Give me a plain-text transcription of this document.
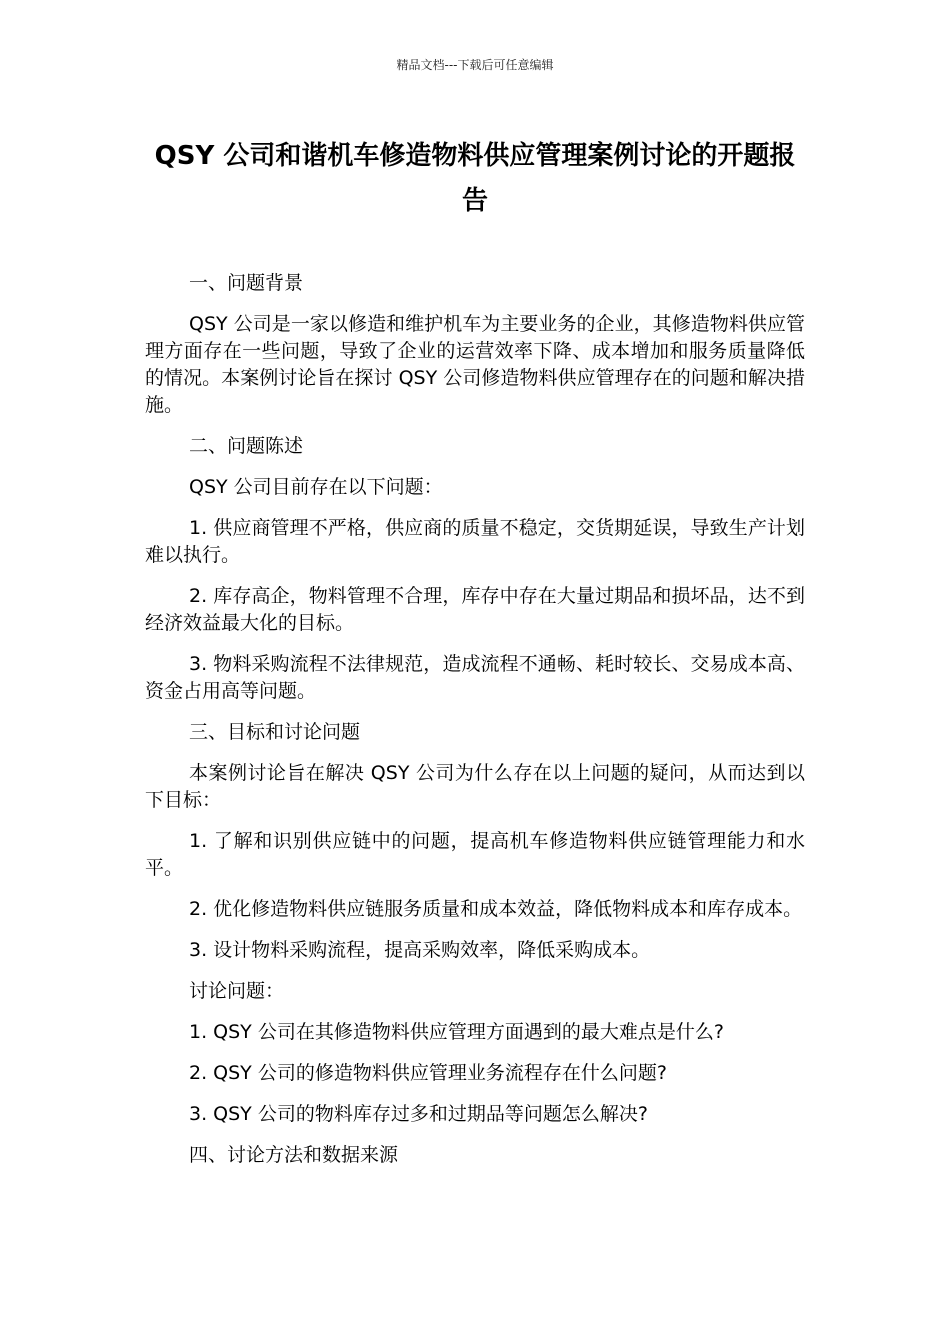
精品文档---下载后可任意编辑
QSY 公司和谐机车修造物料供应管理案例讨论的开题报告

一、问题背景

QSY 公司是一家以修造和维护机车为主要业务的企业，其修造物料供应管理方面存在一些问题，导致了企业的运营效率下降、成本增加和服务质量降低的情况。本案例讨论旨在探讨 QSY 公司修造物料供应管理存在的问题和解决措施。

二、问题陈述

QSY 公司目前存在以下问题：

1. 供应商管理不严格，供应商的质量不稳定，交货期延误，导致生产计划难以执行。

2. 库存高企，物料管理不合理，库存中存在大量过期品和损坏品，达不到经济效益最大化的目标。

3. 物料采购流程不法律规范，造成流程不通畅、耗时较长、交易成本高、资金占用高等问题。

三、目标和讨论问题

本案例讨论旨在解决 QSY 公司为什么存在以上问题的疑问，从而达到以下目标：

1. 了解和识别供应链中的问题，提高机车修造物料供应链管理能力和水平。

2. 优化修造物料供应链服务质量和成本效益，降低物料成本和库存成本。

3. 设计物料采购流程，提高采购效率，降低采购成本。

讨论问题：

1. QSY 公司在其修造物料供应管理方面遇到的最大难点是什么?

2. QSY 公司的修造物料供应管理业务流程存在什么问题?

3. QSY 公司的物料库存过多和过期品等问题怎么解决?

四、讨论方法和数据来源
